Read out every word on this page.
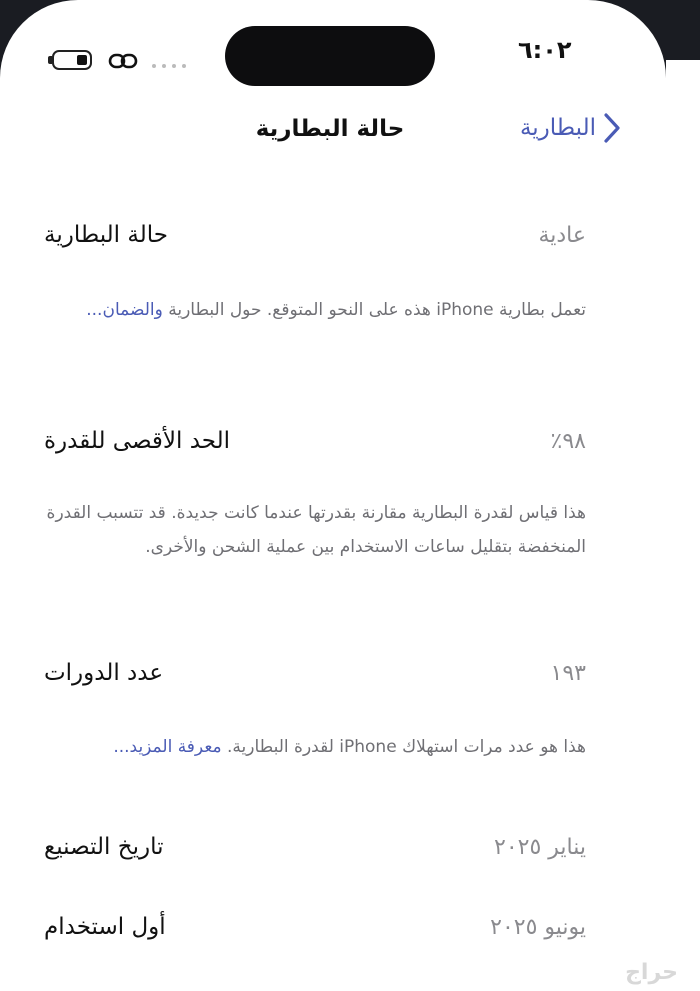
٦:٠٢
البطارية
حالة البطارية
حالة البطارية	عادية
تعمل بطارية iPhone هذه على النحو المتوقع. حول البطارية والضمان...
الحد الأقصى للقدرة	٩٨٪
هذا قياس لقدرة البطارية مقارنة بقدرتها عندما كانت جديدة. قد تتسبب القدرة المنخفضة بتقليل ساعات الاستخدام بين عملية الشحن والأخرى.
عدد الدورات	١٩٣
هذا هو عدد مرات استهلاك iPhone لقدرة البطارية. معرفة المزيد...
تاريخ التصنيع	يناير ٢٠٢٥
أول استخدام	يونيو ٢٠٢٥
حراج
